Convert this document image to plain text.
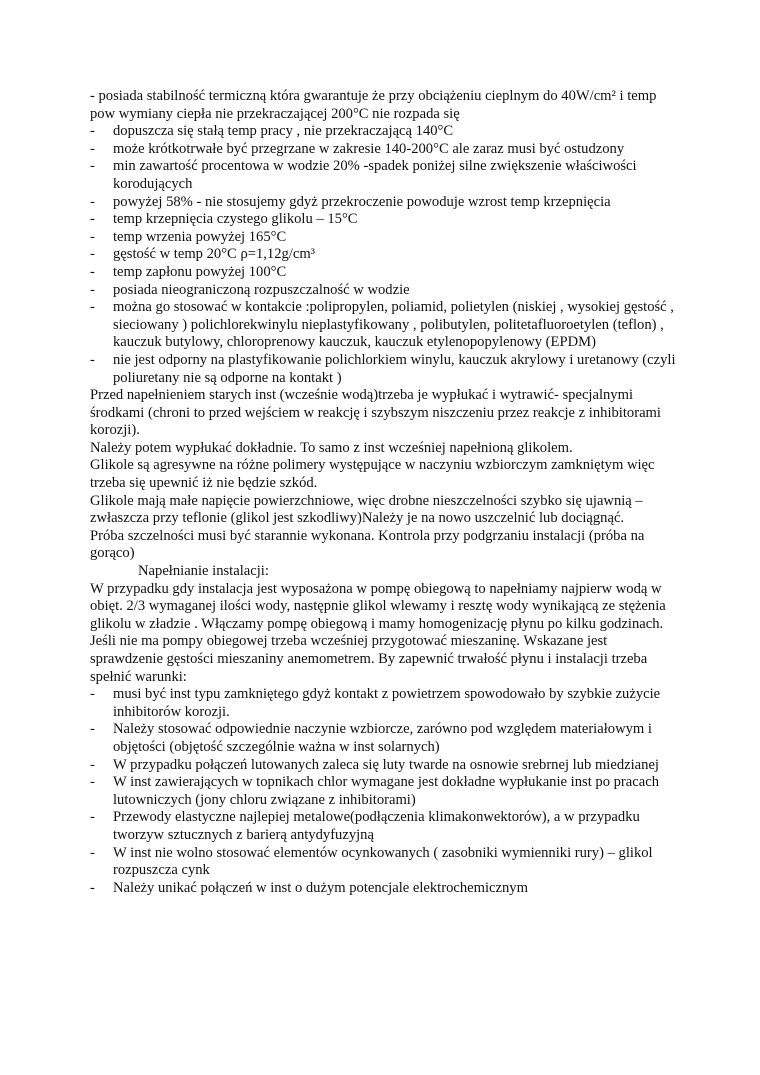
- posiada stabilność termiczną która gwarantuje że przy obciążeniu cieplnym do 40W/cm² i temp pow wymiany ciepła nie przekraczającej 200°C nie rozpada się

- dopuszcza się stałą temp pracy , nie przekraczającą 140°C
- może krótkotrwałe być przegrzane w zakresie 140-200°C ale zaraz musi być ostudzony
- min zawartość procentowa w wodzie 20% -spadek poniżej silne zwiększenie właściwości korodujących
- powyżej 58% - nie stosujemy gdyż przekroczenie powoduje wzrost temp krzepnięcia
- temp krzepnięcia czystego glikolu – 15°C
- temp wrzenia powyżej 165°C
- gęstość w temp 20°C ρ=1,12g/cm³
- temp zapłonu powyżej 100°C
- posiada nieograniczoną rozpuszczalność w wodzie
- można go stosować w kontakcie :polipropylen, poliamid, polietylen (niskiej , wysokiej gęstość , sieciowany ) polichlorekwinylu nieplastyfikowany , polibutylen, politetafluoroetylen (teflon) , kauczuk butylowy, chloroprenowy kauczuk, kauczuk etylenopopylenowy (EPDM)
- nie jest odporny na plastyfikowanie polichlorkiem winylu, kauczuk akrylowy i uretanowy (czyli poliuretany nie są odporne na kontakt )

Przed napełnieniem starych inst (wcześnie wodą)trzeba je wypłukać i wytrawić- specjalnymi środkami (chroni to przed wejściem w reakcję i szybszym niszczeniu przez reakcje z inhibitorami korozji).

Należy potem wypłukać dokładnie. To samo z inst wcześniej napełnioną glikolem.

Glikole są agresywne na różne polimery występujące w naczyniu wzbiorczym zamkniętym więc trzeba się upewnić iż nie będzie szkód.

Glikole mają małe napięcie powierzchniowe, więc drobne nieszczelności szybko się ujawnią – zwłaszcza przy teflonie (glikol jest szkodliwy)Należy je na nowo uszczelnić lub dociągnąć.

Próba szczelności musi być starannie wykonana. Kontrola przy podgrzaniu instalacji (próba na gorąco)

Napełnianie instalacji:

W przypadku gdy instalacja jest wyposażona w pompę obiegową to napełniamy najpierw wodą w obięt. 2/3 wymaganej ilości wody, następnie glikol wlewamy i resztę wody wynikającą ze stężenia glikolu w zładzie . Włączamy pompę obiegową i mamy homogenizację płynu po kilku godzinach. Jeśli nie ma pompy obiegowej trzeba wcześniej przygotować mieszaninę. Wskazane jest sprawdzenie gęstości mieszaniny anemometrem. By zapewnić trwałość płynu i instalacji trzeba spełnić warunki:

- musi być inst typu zamkniętego gdyż kontakt z powietrzem spowodowało by szybkie zużycie inhibitorów korozji.
- Należy stosować odpowiednie naczynie wzbiorcze, zarówno pod względem materiałowym i objętości (objętość szczególnie ważna w inst solarnych)
- W przypadku połączeń lutowanych zaleca się luty twarde na osnowie srebrnej lub miedzianej
- W inst zawierających w topnikach chlor wymagane jest dokładne wypłukanie inst po pracach lutowniczych (jony chloru związane z inhibitorami)
- Przewody elastyczne najlepiej metalowe(podłączenia klimakonwektorów), a w przypadku tworzyw sztucznych z barierą antydyfuzyjną
- W inst nie wolno stosować elementów ocynkowanych ( zasobniki wymienniki rury) – glikol rozpuszcza cynk
- Należy unikać połączeń w inst o dużym potencjale elektrochemicznym
